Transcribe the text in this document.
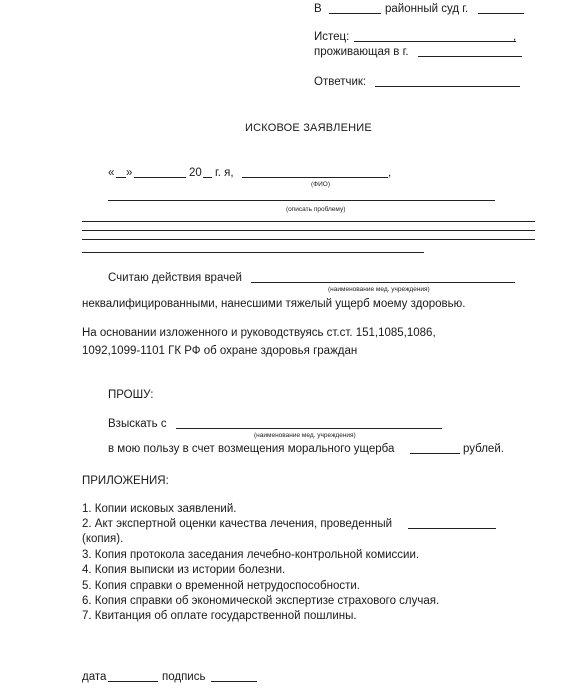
В	районный суд г.
Истец:	,
проживающая в г.
Ответчик:
ИСКОВОЕ ЗАЯВЛЕНИЕ
« »	20 г. я,	,
(ФИО)
(описать проблему)
Считаю действия врачей
(наименование мед. учреждения)
неквалифицированными, нанесшими тяжелый ущерб моему здоровью.
На основании изложенного и руководствуясь ст.ст. 151,1085,1086,
1092,1099-1101 ГК РФ об охране здоровья граждан
ПРОШУ:
Взыскать с
(наименование мед. учреждения)
в мою пользу в счет возмещения морального ущерба	рублей.
ПРИЛОЖЕНИЯ:
1. Копии исковых заявлений.
2. Акт экспертной оценки качества лечения, проведенный
(копия).
3. Копия протокола заседания лечебно-контрольной комиссии.
4. Копия выписки из истории болезни.
5. Копия справки о временной нетрудоспособности.
6. Копия справки об экономической экспертизе страхового случая.
7. Квитанция об оплате государственной пошлины.
дата	подпись
